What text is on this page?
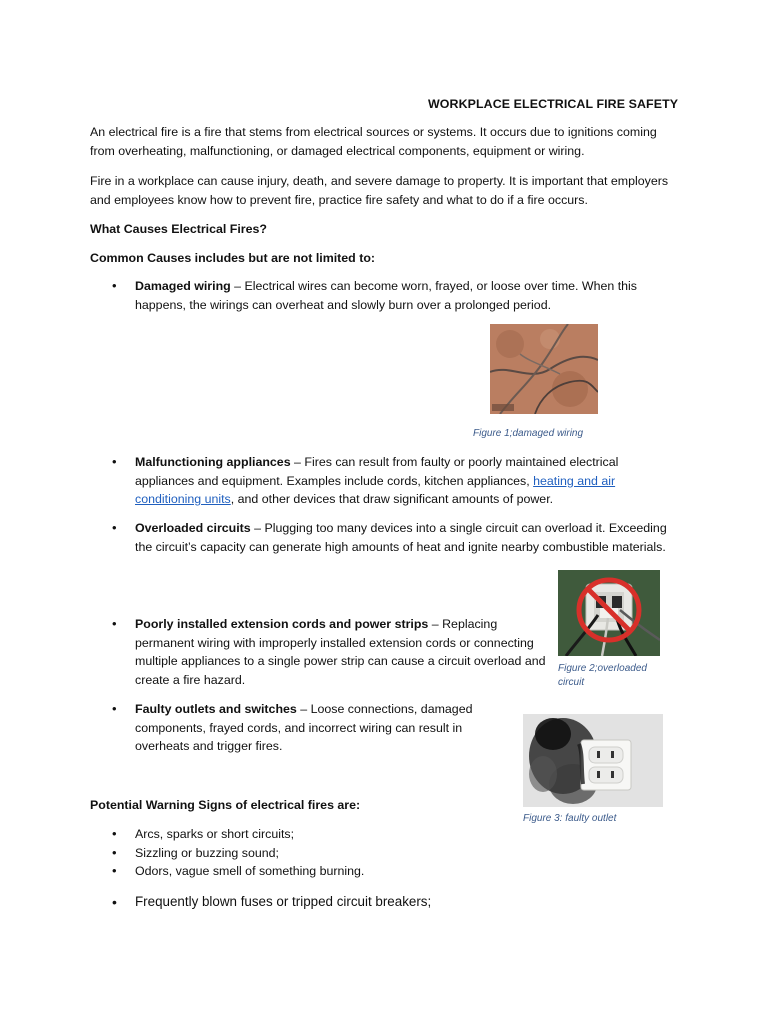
WORKPLACE ELECTRICAL FIRE SAFETY
An electrical fire is a fire that stems from electrical sources or systems. It occurs due to ignitions coming from overheating, malfunctioning, or damaged electrical components, equipment or wiring.
Fire in a workplace can cause injury, death, and severe damage to property. It is important that employers and employees know how to prevent fire, practice fire safety and what to do if a fire occurs.
What Causes Electrical Fires?
Common Causes includes but are not limited to:
• Damaged wiring – Electrical wires can become worn, frayed, or loose over time. When this happens, the wirings can overheat and slowly burn over a prolonged period.
Figure 1;damaged wiring
• Malfunctioning appliances – Fires can result from faulty or poorly maintained electrical appliances and equipment. Examples include cords, kitchen appliances, heating and air conditioning units, and other devices that draw significant amounts of power.
• Overloaded circuits – Plugging too many devices into a single circuit can overload it. Exceeding the circuit’s capacity can generate high amounts of heat and ignite nearby combustible materials.
Figure 2;overloaded circuit
• Poorly installed extension cords and power strips – Replacing permanent wiring with improperly installed extension cords or connecting multiple appliances to a single power strip can cause a circuit overload and create a fire hazard.
• Faulty outlets and switches – Loose connections, damaged components, frayed cords, and incorrect wiring can result in overheats and trigger fires.
Figure 3: faulty outlet
Potential Warning Signs of electrical fires are:
• Arcs, sparks or short circuits;
• Sizzling or buzzing sound;
• Odors, vague smell of something burning.
• Frequently blown fuses or tripped circuit breakers;
